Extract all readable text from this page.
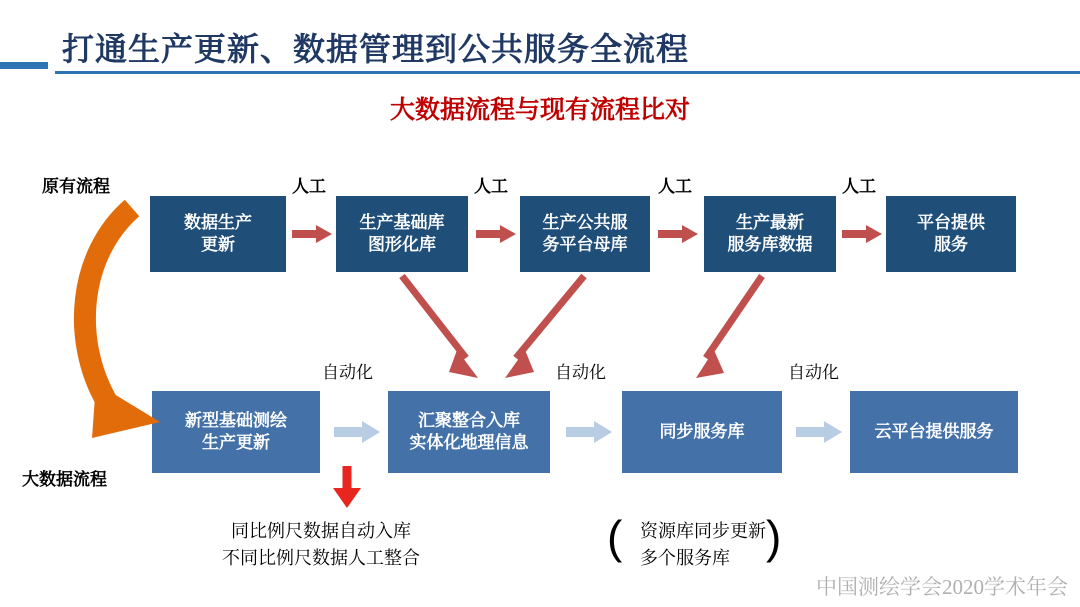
打通生产更新、数据管理到公共服务全流程
大数据流程与现有流程比对
原有流程
大数据流程
数据生产
更新
生产基础库
图形化库
生产公共服
务平台母库
生产最新
服务库数据
平台提供
服务
人工	人工	人工	人工
新型基础测绘
生产更新
汇聚整合入库
实体化地理信息
同步服务库	云平台提供服务
自动化	自动化	自动化
同比例尺数据自动入库
不同比例尺数据人工整合	( 资源库同步更新
多个服务库 )
中国测绘学会2020学术年会
